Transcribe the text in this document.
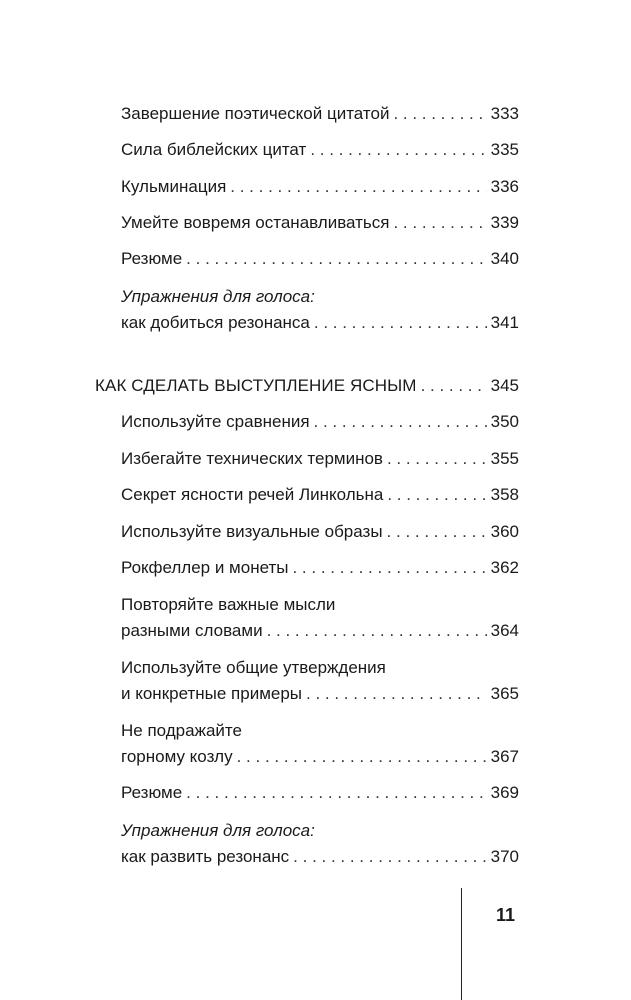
Завершение поэтической цитатой . . .	333
Сила библейских цитат . . .	335
Кульминация . . .	336
Умейте вовремя останавливаться . . .	339
Резюме . . .	340
Упражнения для голоса:
как добиться резонанса . . .	341
КАК СДЕЛАТЬ ВЫСТУПЛЕНИЕ ЯСНЫМ . . .	345
Используйте сравнения . . .	350
Избегайте технических терминов . . .	355
Секрет ясности речей Линкольна . . .	358
Используйте визуальные образы . . .	360
Рокфеллер и монеты . . .	362
Повторяйте важные мысли
разными словами . . .	364
Используйте общие утверждения
и конкретные примеры . . .	365
Не подражайте
горному козлу . . .	367
Резюме . . .	369
Упражнения для голоса:
как развить резонанс . . .	370
11
